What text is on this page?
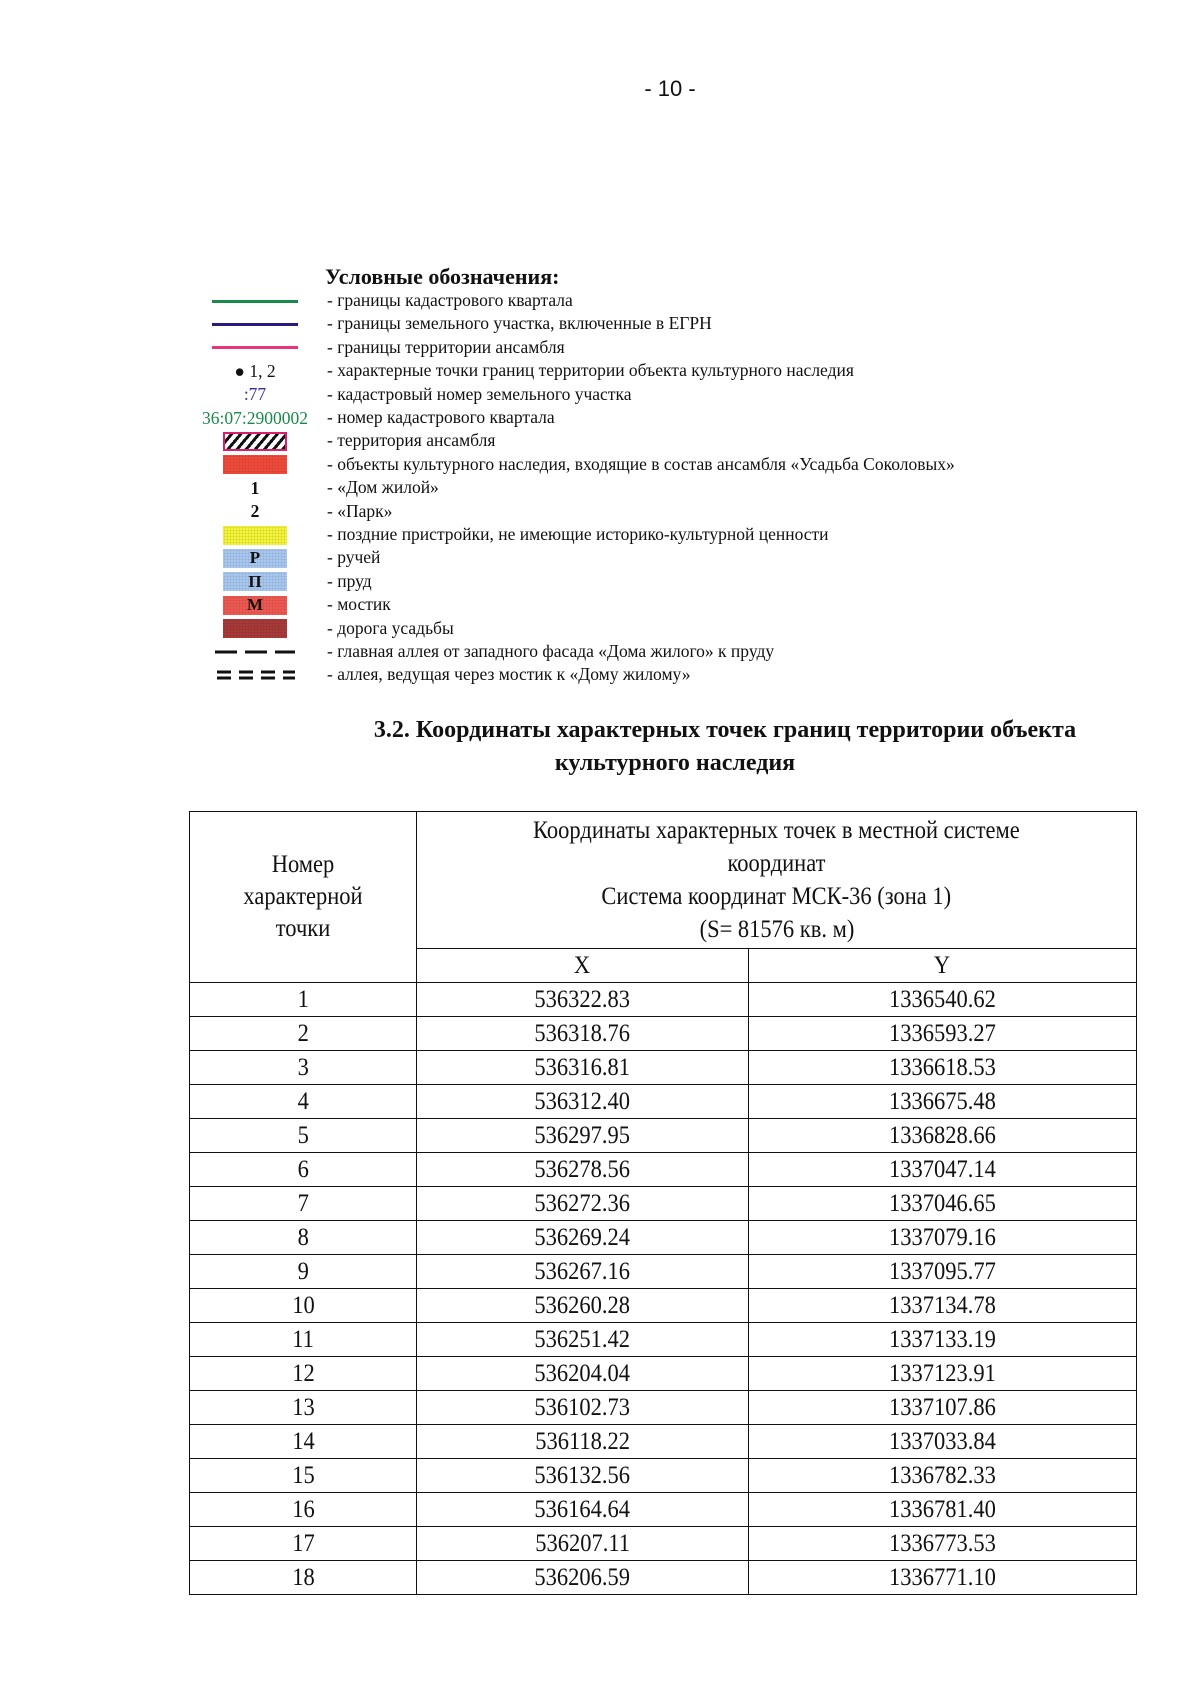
- 10 -
Условные обозначения:
- границы кадастрового квартала
- границы земельного участка, включенные в ЕГРН
- границы территории ансамбля
● 1, 2	- характерные точки границ территории объекта культурного наследия
:77	- кадастровый номер земельного участка
36:07:2900002 - номер кадастрового квартала
- территория ансамбля
- объекты культурного наследия, входящие в состав ансамбля «Усадьба Соколовых»
1	- «Дом жилой»
2	- «Парк»
- поздние пристройки, не имеющие историко-культурной ценности
Р	- ручей
П	- пруд
М	- мостик
- дорога усадьбы
- главная аллея от западного фасада «Дома жилого» к пруду
- аллея, ведущая через мостик к «Дому жилому»
3.2. Координаты характерных точек границ территории объекта
культурного наследия
Номер характерной точки	Координаты характерных точек в местной системе
координат
Система координат МСК-36 (зона 1)
(S= 81576 кв. м)	
	X	Y
1	536322.83	1336540.62
2	536318.76	1336593.27
3	536316.81	1336618.53
4	536312.40	1336675.48
5	536297.95	1336828.66
6	536278.56	1337047.14
7	536272.36	1337046.65
8	536269.24	1337079.16
9	536267.16	1337095.77
10	536260.28	1337134.78
11	536251.42	1337133.19
12	536204.04	1337123.91
13	536102.73	1337107.86
14	536118.22	1337033.84
15	536132.56	1336782.33
16	536164.64	1336781.40
17	536207.11	1336773.53
18	536206.59	1336771.10
